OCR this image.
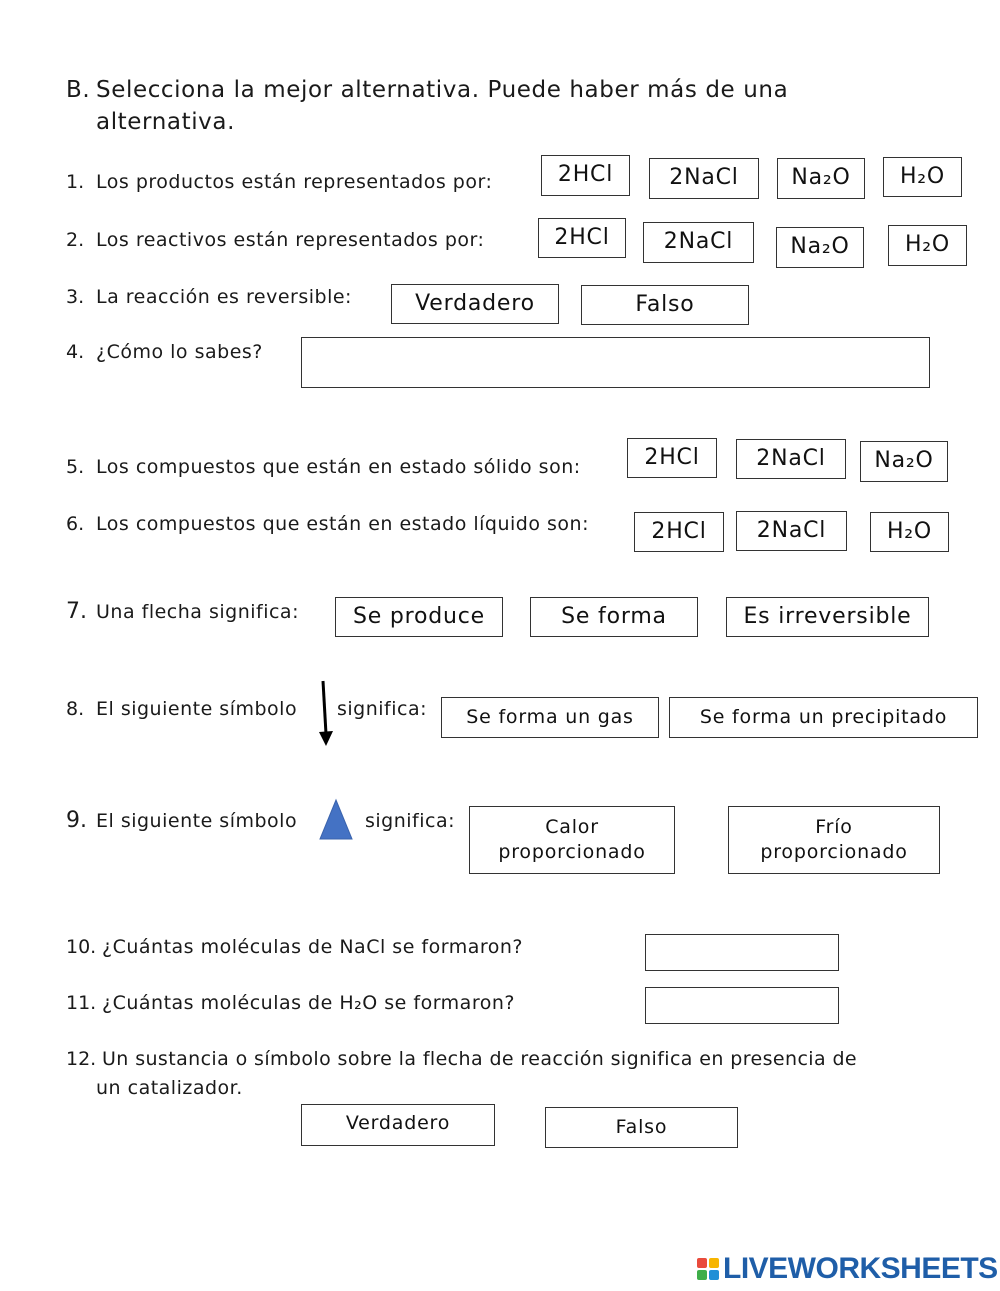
B. Selecciona la mejor alternativa. Puede haber más de una
alternativa.
1. Los productos están representados por:	2HCl	2NaCl	Na₂O	H₂O
2. Los reactivos están representados por:	2HCl	2NaCl	Na₂O	H₂O
3. La reacción es reversible:	Verdadero	Falso
4. ¿Cómo lo sabes?
5. Los compuestos que están en estado sólido son:	2HCl	2NaCl	Na₂O
6. Los compuestos que están en estado líquido son:	2HCl	2NaCl	H₂O
7. Una flecha significa:	Se produce	Se forma	Es irreversible
8. El siguiente símbolo significa:	Se forma un gas	Se forma un precipitado
9. El siguiente símbolo	significa:	Calor
proporcionado
Frío
proporcionado
10. ¿Cuántas moléculas de NaCl se formaron?
11. ¿Cuántas moléculas de H₂O se formaron?
12. Un sustancia o símbolo sobre la flecha de reacción significa en presencia de
un catalizador.
Verdadero	Falso
LIVEWORKSHEETS
